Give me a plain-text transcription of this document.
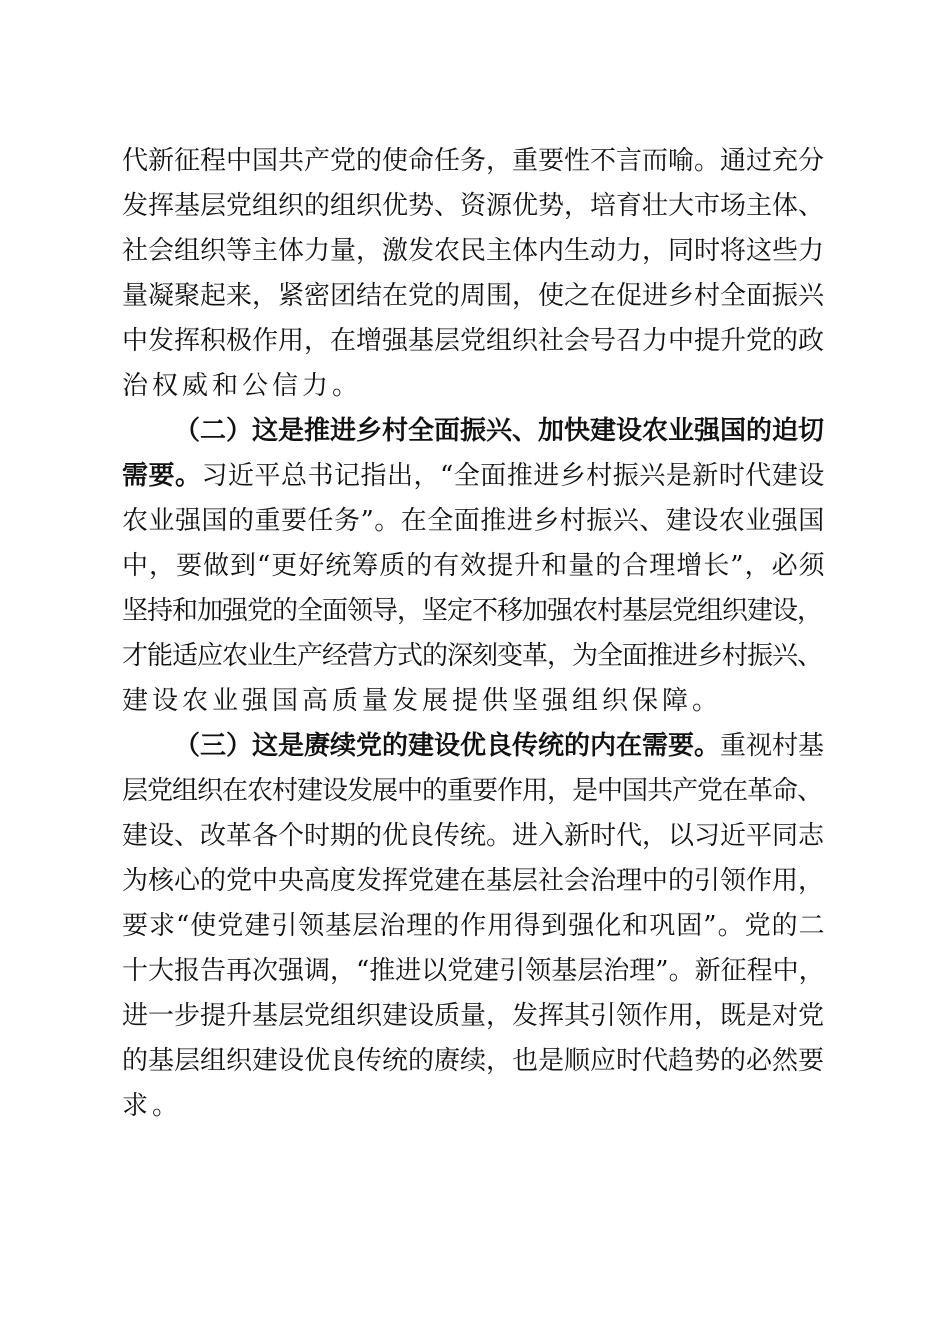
代新征程中国共产党的使命任务，重要性不言而喻。通过充分
发挥基层党组织的组织优势、资源优势，培育壮大市场主体、
社会组织等主体力量，激发农民主体内生动力，同时将这些力
量凝聚起来，紧密团结在党的周围，使之在促进乡村全面振兴
中发挥积极作用，在增强基层党组织社会号召力中提升党的政
治权威和公信力。
（二）这是推进乡村全面振兴、加快建设农业强国的迫切
需要。习近平总书记指出，“全面推进乡村振兴是新时代建设
农业强国的重要任务”。在全面推进乡村振兴、建设农业强国
中，要做到“更好统筹质的有效提升和量的合理增长”，必须
坚持和加强党的全面领导，坚定不移加强农村基层党组织建设，
才能适应农业生产经营方式的深刻变革，为全面推进乡村振兴、
建设农业强国高质量发展提供坚强组织保障。
（三）这是赓续党的建设优良传统的内在需要。重视村基
层党组织在农村建设发展中的重要作用，是中国共产党在革命、
建设、改革各个时期的优良传统。进入新时代，以习近平同志
为核心的党中央高度发挥党建在基层社会治理中的引领作用，
要求“使党建引领基层治理的作用得到强化和巩固”。党的二
十大报告再次强调，“推进以党建引领基层治理”。新征程中，
进一步提升基层党组织建设质量，发挥其引领作用，既是对党
的基层组织建设优良传统的赓续，也是顺应时代趋势的必然要
求。
